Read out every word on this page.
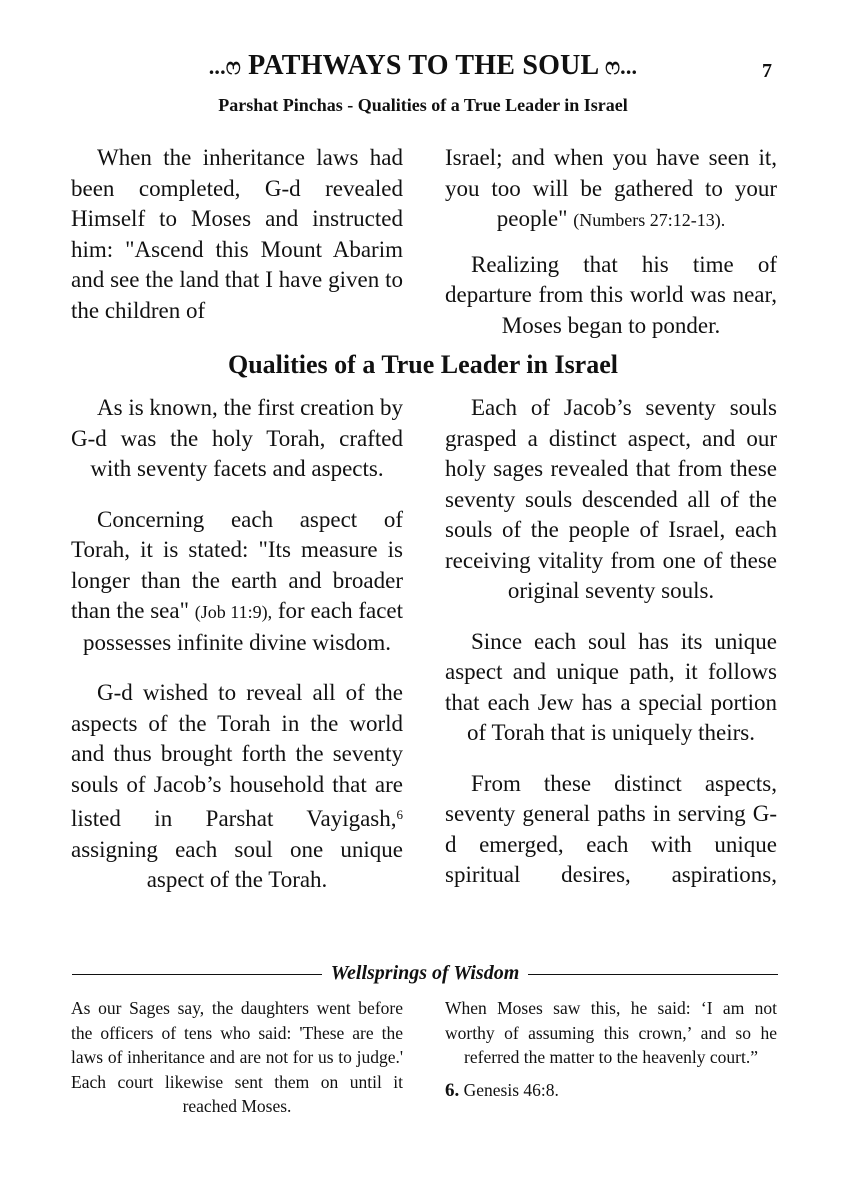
...ෆ PATHWAYS TO THE SOUL ෆ...	7
Parshat Pinchas - Qualities of a True Leader in Israel

When the inheritance laws had been completed, G-d revealed Himself to Moses and instructed him: "Ascend this Mount Abarim and see the land that I have given to the children of

Israel; and when you have seen it, you too will be gathered to your people" (Numbers 27:12-13).

Realizing that his time of departure from this world was near, Moses began to ponder.

Qualities of a True Leader in Israel

As is known, the first creation by G-d was the holy Torah, crafted with seventy facets and aspects.

Concerning each aspect of Torah, it is stated: "Its measure is longer than the earth and broader than the sea" (Job 11:9), for each facet possesses infinite divine wisdom.

G-d wished to reveal all of the aspects of the Torah in the world and thus brought forth the seventy souls of Jacob’s household that are listed in Parshat Vayigash,$^6$ assigning each soul one unique aspect of the Torah.

Each of Jacob’s seventy souls grasped a distinct aspect, and our holy sages revealed that from these seventy souls descended all of the souls of the people of Israel, each receiving vitality from one of these original seventy souls.

Since each soul has its unique aspect and unique path, it follows that each Jew has a special portion of Torah that is uniquely theirs.

From these distinct aspects, seventy general paths in serving G-d emerged, each with unique spiritual desires, aspirations,

Wellsprings of Wisdom

As our Sages say, the daughters went before the officers of tens who said: 'These are the laws of inheritance and are not for us to judge.' Each court likewise sent them on until it reached Moses.

When Moses saw this, he said: ‘I am not worthy of assuming this crown,’ and so he referred the matter to the heavenly court.”

6. Genesis 46:8.
